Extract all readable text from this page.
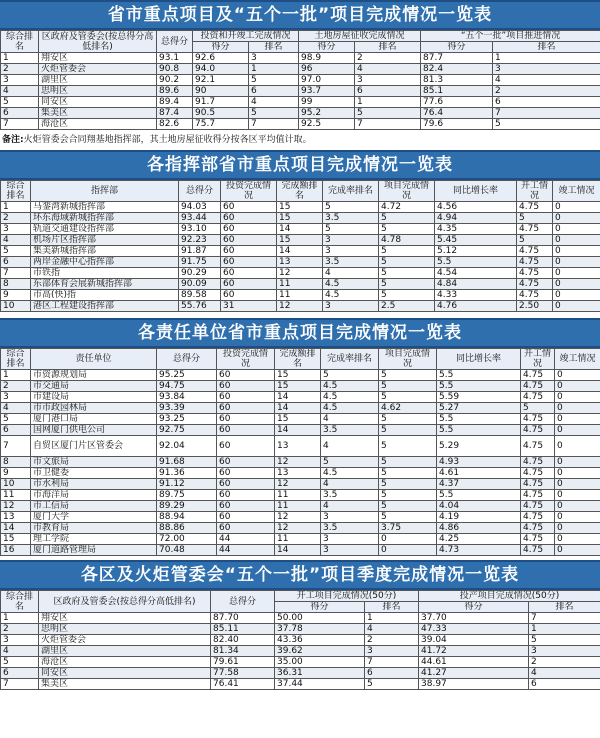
省市重点项目及“五个一批”项目完成情况一览表
综合排名	区政府及管委会(按总得分高低排名)	总得分	投资和开竣工完成情况		土地房屋征收完成情况		“五个一批”项目推进情况	
			得分	排名	得分	排名	得分	排名
1	翔安区	93.1	92.6	3	98.9	2	87.7	1
2	火炬管委会	90.8	94.0	1	96	4	82.4	3
3	湖里区	90.2	92.1	5	97.0	3	81.3	4
4	思明区	89.6	90	6	93.7	6	85.1	2
5	同安区	89.4	91.7	4	99	1	77.6	6
6	集美区	87.4	90.5	5	95.2	5	76.4	7
7	海沧区	82.6	75.7	7	92.5	7	79.6	5
备注:火炬管委会合同翔基地指挥部，其土地房屋征收得分按各区平均值计取。
各指挥部省市重点项目完成情况一览表
综合排名	指挥部	总得分	投资完成情况	完成额排名	完成率排名	项目完成情况	同比增长率	开工情况	竣工情况
1	马銮湾新城指挥部	94.03	60	15	5	4.72	4.56	4.75	0
2	环东海域新城指挥部	93.44	60	15	3.5	5	4.94	5	0
3	轨道交通建设指挥部	93.10	60	14	5	5	4.35	4.75	0
4	机场片区指挥部	92.23	60	15	3	4.78	5.45	5	0
5	集美新城指挥部	91.87	60	14	3	5	5.12	4.75	0
6	两岸金融中心指挥部	91.75	60	13	3.5	5	5.5	4.75	0
7	市铁指	90.29	60	12	4	5	4.54	4.75	0
8	东部体育会展新城指挥部	90.09	60	11	4.5	5	4.84	4.75	0
9	市高(快)指	89.58	60	11	4.5	5	4.33	4.75	0
10	港区工程建设指挥部	55.76	31	12	3	2.5	4.76	2.50	0
各责任单位省市重点项目完成情况一览表
综合排名	责任单位	总得分	投资完成情况	完成额排名	完成率排名	项目完成情况	同比增长率	开工情况	竣工情况
1	市资源规划局	95.25	60	15	5	5	5.5	4.75	0
2	市交通局	94.75	60	15	4.5	5	5.5	4.75	0
3	市建设局	93.84	60	14	4.5	5	5.59	4.75	0
4	市市政园林局	93.39	60	14	4.5	4.62	5.27	5	0
5	厦门港口局	93.25	60	15	4	5	5.5	4.75	0
6	国网厦门供电公司	92.75	60	14	3.5	5	5.5	4.75	0
7	自贸区厦门片区管委会	92.04	60	13	4	5	5.29	4.75	0
8	市文旅局	91.68	60	12	5	5	4.93	4.75	0
9	市卫健委	91.36	60	13	4.5	5	4.61	4.75	0
10	市水利局	91.12	60	12	4	5	4.37	4.75	0
11	市海洋局	89.75	60	11	3.5	5	5.5	4.75	0
12	市工信局	89.29	60	11	4	5	4.04	4.75	0
13	厦门大学	88.94	60	12	3	5	4.19	4.75	0
14	市教育局	88.86	60	12	3.5	3.75	4.86	4.75	0
15	理工学院	72.00	44	11	3	0	4.25	4.75	0
16	厦门道路管理局	70.48	44	14	3	0	4.73	4.75	0
各区及火炬管委会“五个一批”项目季度完成情况一览表
综合排名	区政府及管委会(按总得分高低排名)	总得分	开工项目完成情况(50分)		投产项目完成情况(50分)	
			得分	排名	得分	排名
1	翔安区	87.70	50.00	1	37.70	7
2	思明区	85.11	37.78	4	47.33	1
3	火炬管委会	82.40	43.36	2	39.04	5
4	湖里区	81.34	39.62	3	41.72	3
5	海沧区	79.61	35.00	7	44.61	2
6	同安区	77.58	36.31	6	41.27	4
7	集美区	76.41	37.44	5	38.97	6
